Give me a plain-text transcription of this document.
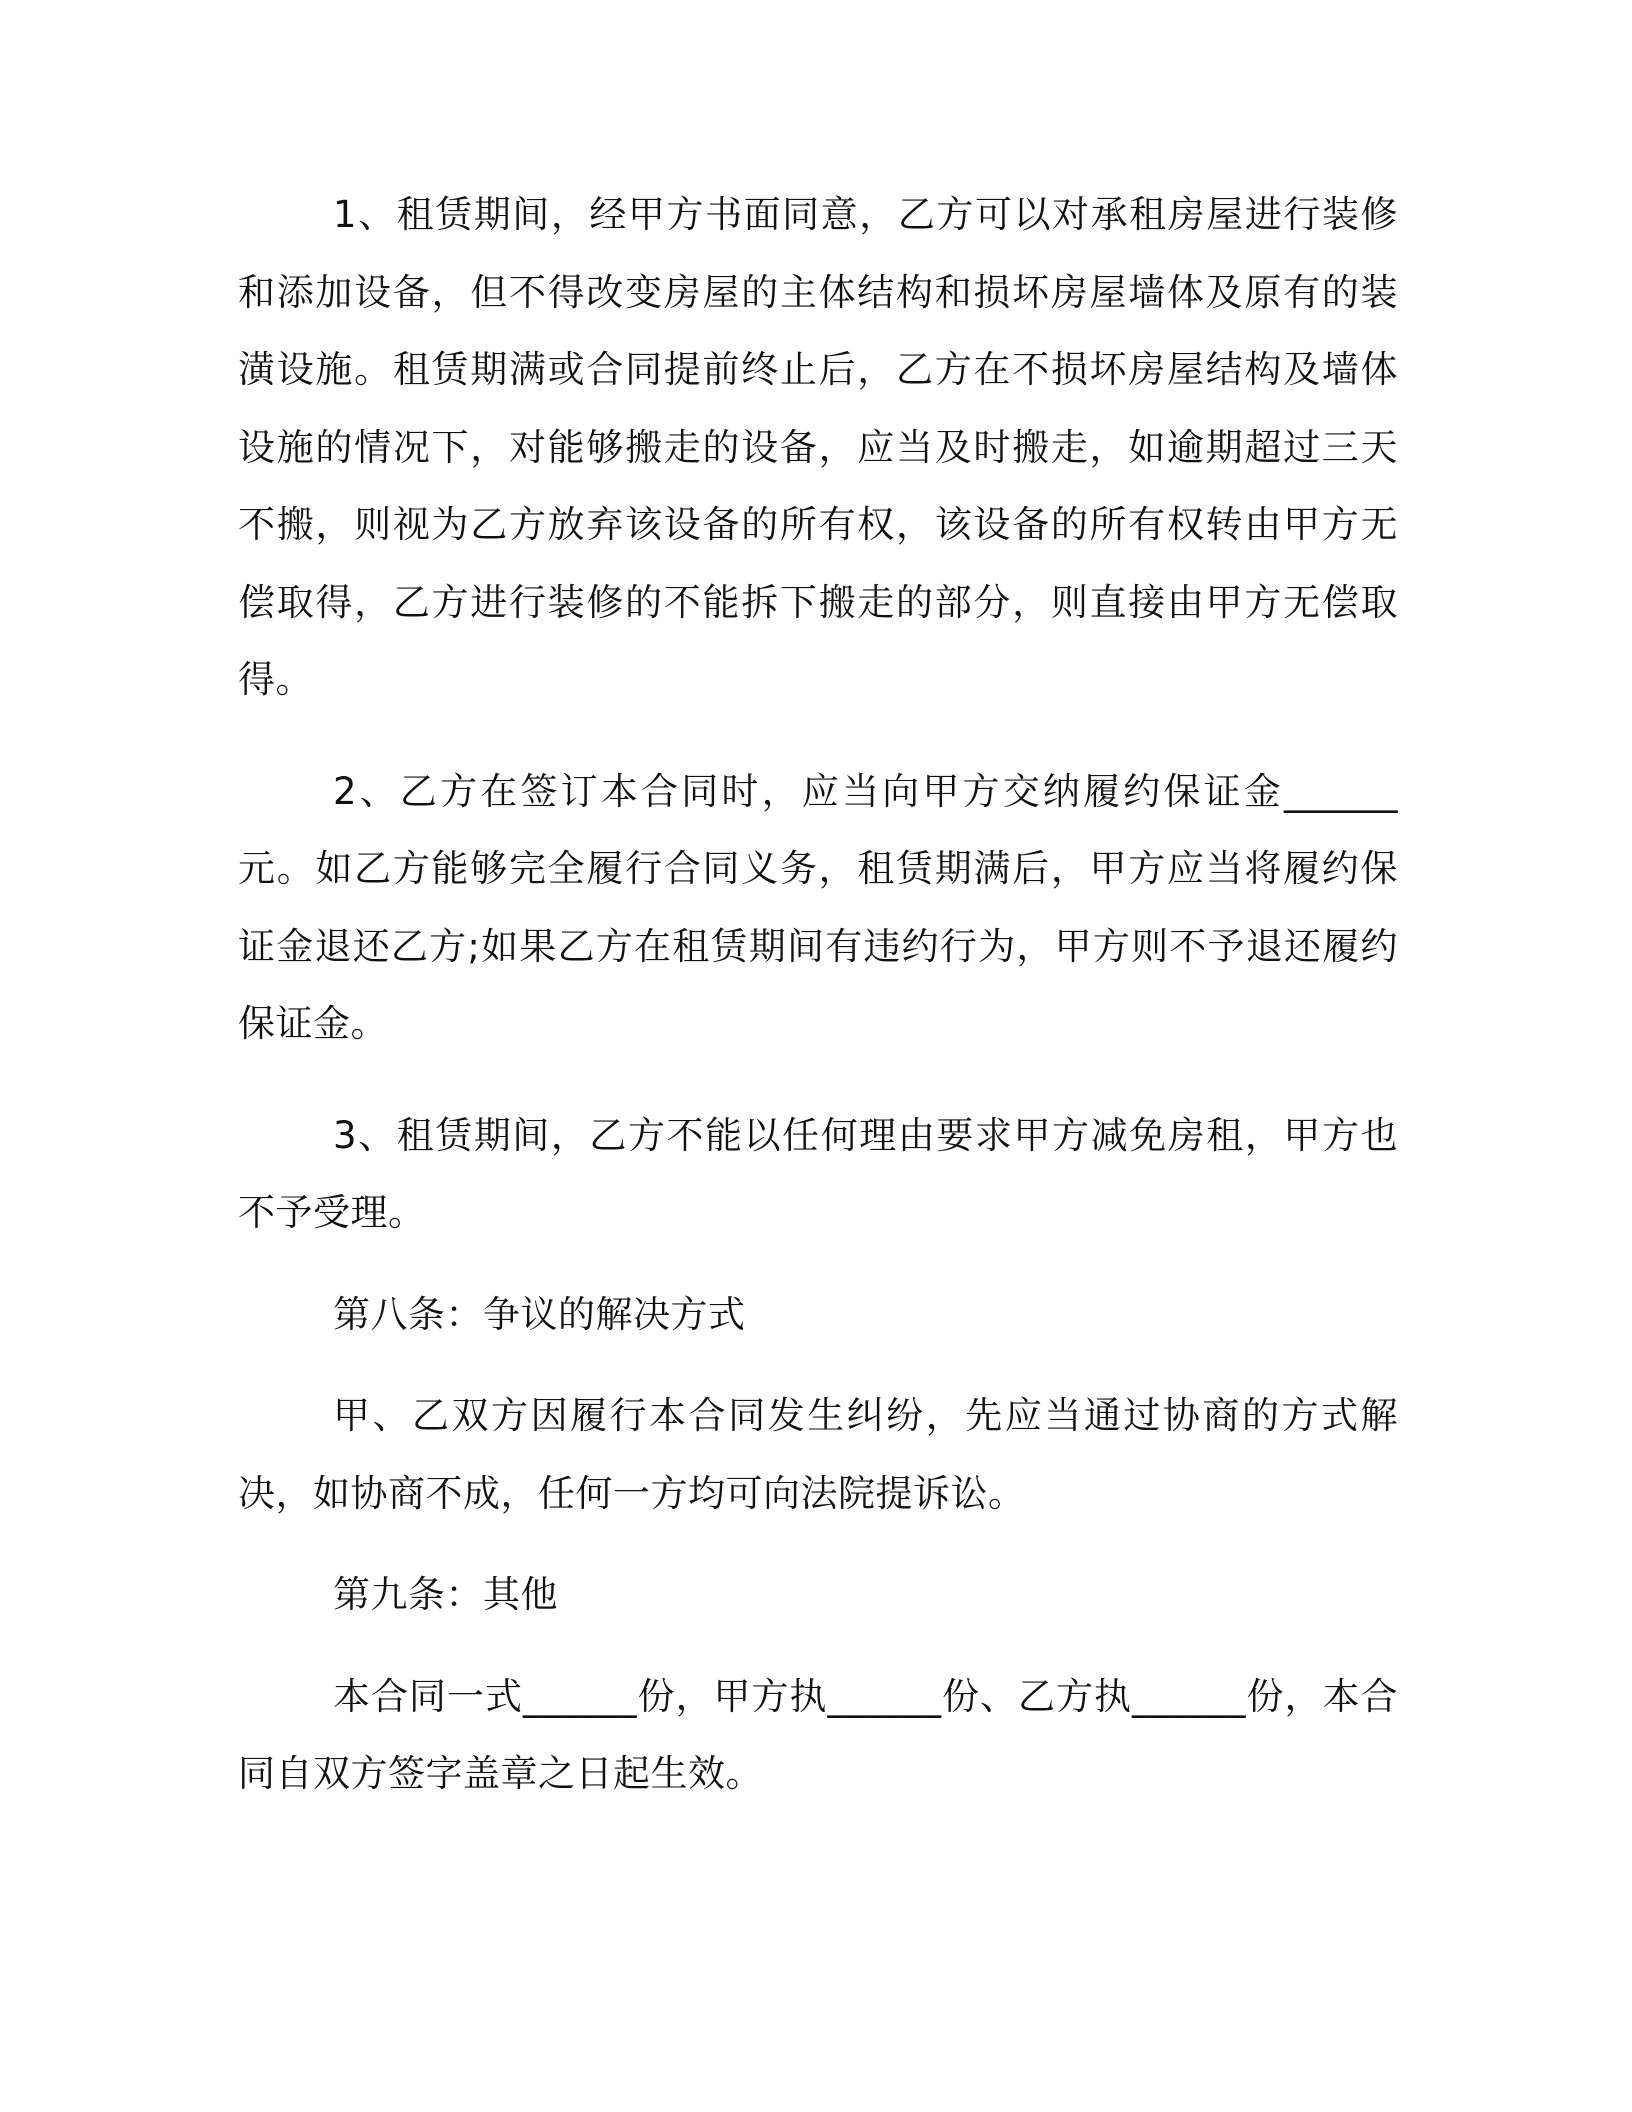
1、租赁期间，经甲方书面同意，乙方可以对承租房屋进行装修和添加设备，但不得改变房屋的主体结构和损坏房屋墙体及原有的装潢设施。租赁期满或合同提前终止后，乙方在不损坏房屋结构及墙体设施的情况下，对能够搬走的设备，应当及时搬走，如逾期超过三天不搬，则视为乙方放弃该设备的所有权，该设备的所有权转由甲方无偿取得，乙方进行装修的不能拆下搬走的部分，则直接由甲方无偿取得。

2、乙方在签订本合同时，应当向甲方交纳履约保证金______元。如乙方能够完全履行合同义务，租赁期满后，甲方应当将履约保证金退还乙方;如果乙方在租赁期间有违约行为，甲方则不予退还履约保证金。

3、租赁期间，乙方不能以任何理由要求甲方减免房租，甲方也不予受理。

第八条：争议的解决方式

甲、乙双方因履行本合同发生纠纷，先应当通过协商的方式解决，如协商不成，任何一方均可向法院提诉讼。

第九条：其他

本合同一式______份，甲方执______份、乙方执______份，本合同自双方签字盖章之日起生效。
